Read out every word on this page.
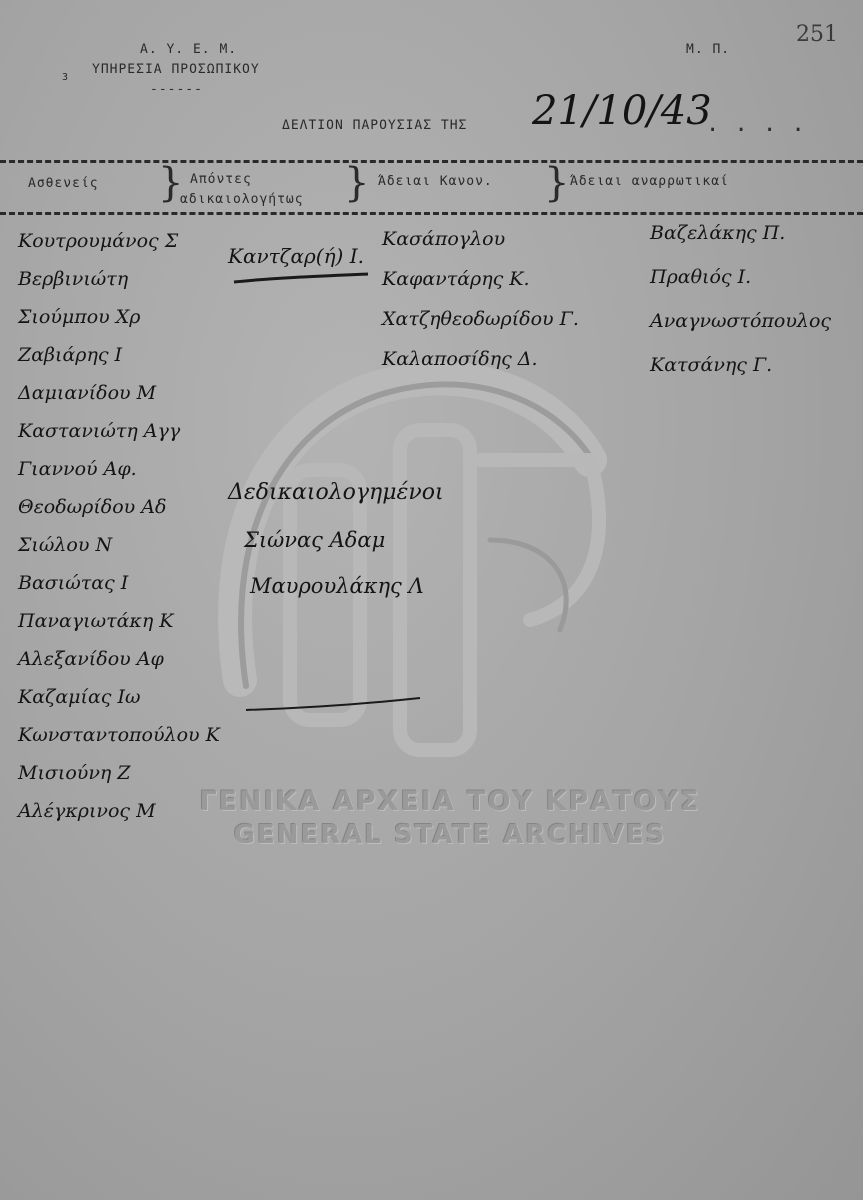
Α. Υ. Ε. Μ.
3
ΥΠΗΡΕΣΙΑ ΠΡΟΣΩΠΙΚΟΥ
------
Μ. Π.
251
ΔΕΛΤΙΟΝ ΠΑΡΟΥΣΙΑΣ ΤΗΣ 21/10/43
. . . .
Ασθενείς } Απόντες
αδικαιολογήτως } Άδειαι Κανον. } Άδειαι αναρρωτικαί
Κουτρουμάνος Σ
Βερβινιώτη
Σιούμπου Χρ
Ζαβιάρης Ι
Δαμιανίδου Μ
Καστανιώτη Αγγ
Γιαννού Αφ.
Θεοδωρίδου Αδ
Σιώλου Ν
Βασιώτας Ι
Παναγιωτάκη Κ
Αλεξανίδου Αφ
Καζαμίας Ιω
Κωνσταντοπούλου Κ
Μισιούνη Ζ
Αλέγκρινος Μ
Καντζαρ(ή) Ι.
Κασάπογλου
Καφαντάρης Κ.
Χατζηθεοδωρίδου Γ.
Καλαποσίδης Δ.
Βαζελάκης Π.
Πραθιός Ι.
Αναγνωστόπουλος
Κατσάνης Γ.
Δεδικαιολογημένοι
Σιώνας Αδαμ
Μαυρουλάκης Λ
ΓΕΝΙΚΑ ΑΡΧΕΙΑ ΤΟΥ ΚΡΑΤΟΥΣ
GENERAL STATE ARCHIVES
